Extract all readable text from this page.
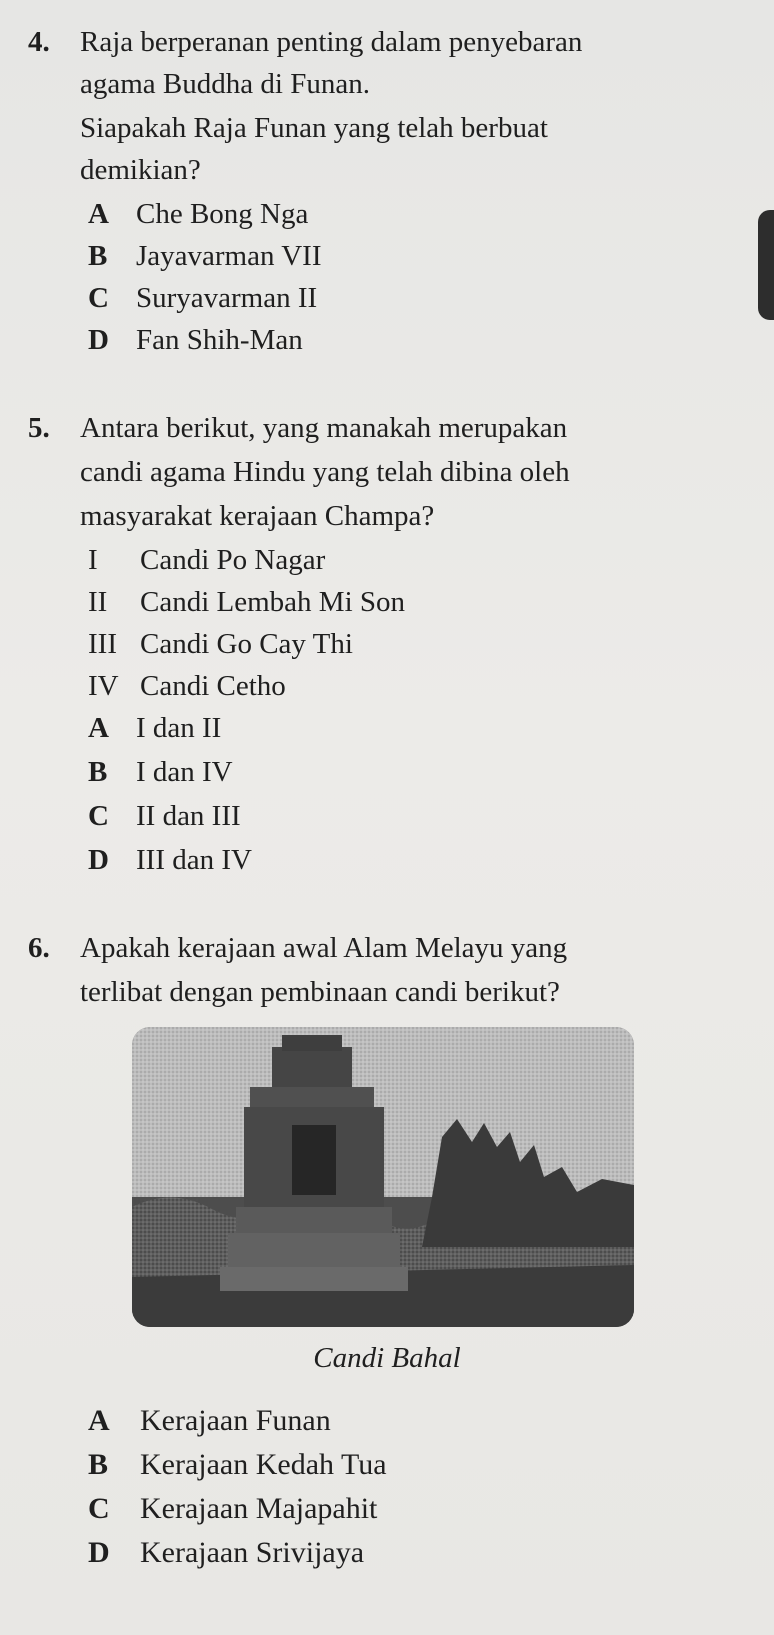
4. Raja berperanan penting dalam penyebaran
agama Buddha di Funan.
Siapakah Raja Funan yang telah berbuat
demikian?
A Che Bong Nga
B Jayavarman VII
C Suryavarman II
D Fan Shih-Man
5. Antara berikut, yang manakah merupakan
candi agama Hindu yang telah dibina oleh
masyarakat kerajaan Champa?
I Candi Po Nagar
II Candi Lembah Mi Son
III Candi Go Cay Thi
IV Candi Cetho
A I dan II
B I dan IV
C II dan III
D III dan IV
6. Apakah kerajaan awal Alam Melayu yang
terlibat dengan pembinaan candi berikut?
Candi Bahal
A Kerajaan Funan
B Kerajaan Kedah Tua
C Kerajaan Majapahit
D Kerajaan Srivijaya
